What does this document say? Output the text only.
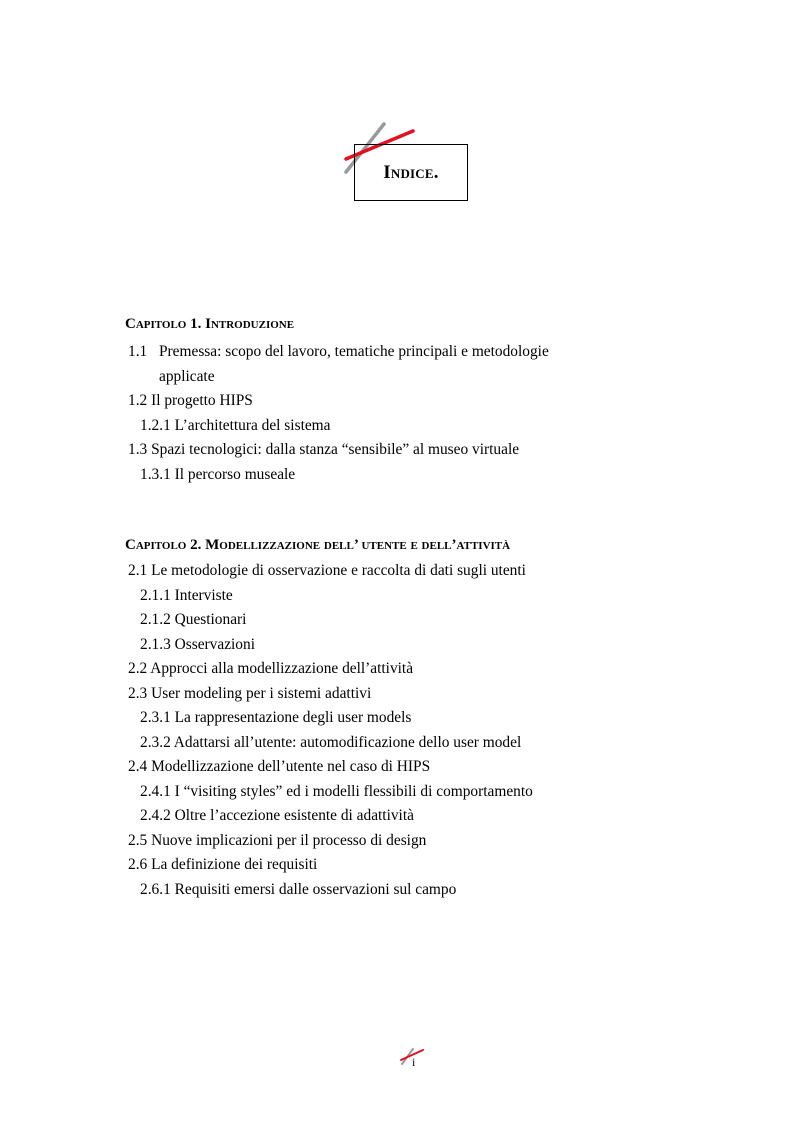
Indice.
Capitolo 1. Introduzione
1.1 Premessa: scopo del lavoro, tematiche principali e metodologie applicate
1.2 Il progetto HIPS
1.2.1 L’architettura del sistema
1.3 Spazi tecnologici: dalla stanza “sensibile” al museo virtuale
1.3.1 Il percorso museale
Capitolo 2. Modellizzazione dell’ utente e dell’attività
2.1 Le metodologie di osservazione e raccolta di dati sugli utenti
2.1.1 Interviste
2.1.2 Questionari
2.1.3 Osservazioni
2.2 Approcci alla modellizzazione dell’attività
2.3 User modeling per i sistemi adattivi
2.3.1 La rappresentazione degli user models
2.3.2 Adattarsi all’utente: automodificazione dello user model
2.4 Modellizzazione dell’utente nel caso di HIPS
2.4.1 I “visiting styles” ed i modelli flessibili di comportamento
2.4.2 Oltre l’accezione esistente di adattività
2.5 Nuove implicazioni per il processo di design
2.6 La definizione dei requisiti
2.6.1 Requisiti emersi dalle osservazioni sul campo
i
